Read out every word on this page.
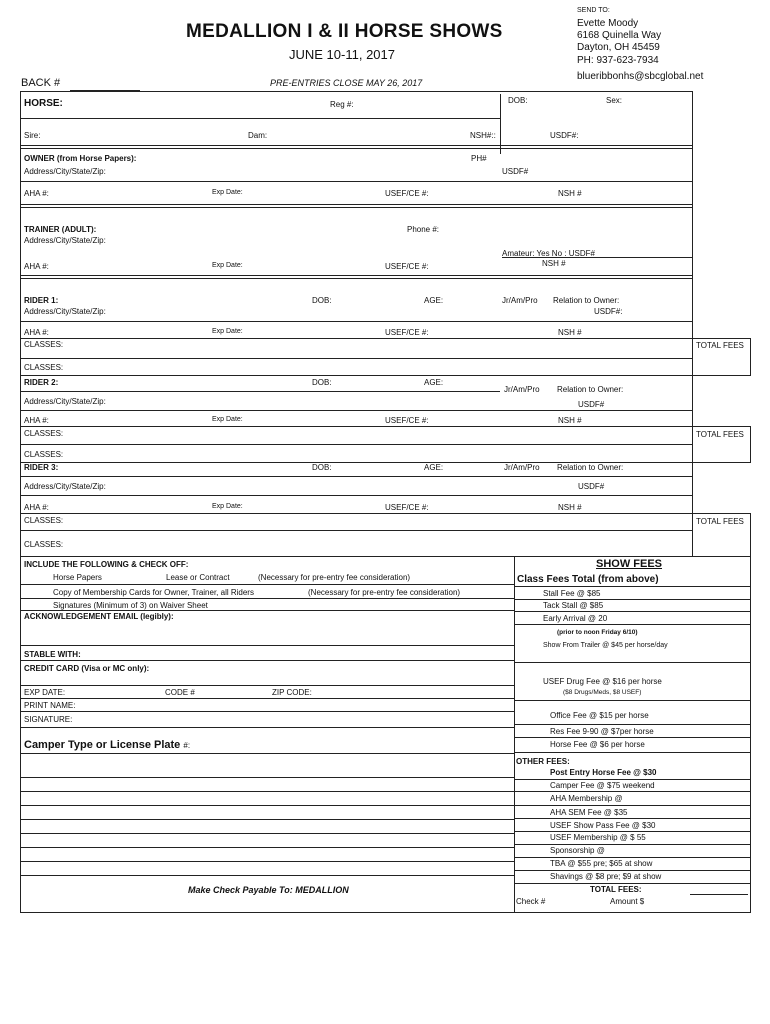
MEDALLION I & II HORSE SHOWS
JUNE 10-11, 2017
BACK #	PRE-ENTRIES CLOSE MAY 26, 2017
SEND TO:
Evette Moody
6168 Quinella Way
Dayton, OH 45459
PH: 937-623-7934
blueribbonhs@sbcglobal.net
HORSE:	Reg #:	DOB:	Sex:
Sire:	Dam:	NSH#::	USDF#:
OWNER (from Horse Papers):	PH#
Address/City/State/Zip:	USDF#
AHA #:	Exp Date:	USEF/CE #:	NSH #
TRAINER (ADULT):	Phone #:
Address/City/State/Zip:
Amateur: Yes No : USDF#
NSH #
AHA #:	Exp Date:	USEF/CE #:
RIDER 1:	DOB:	AGE:	Jr/Am/Pro Relation to Owner:
Address/City/State/Zip:	USDF#:
AHA #:	Exp Date:	USEF/CE #:	NSH #
CLASSES:	TOTAL FEES
CLASSES:
RIDER 2:	DOB:	AGE:
Jr/Am/Pro Relation to Owner:
Address/City/State/Zip:	USDF#
AHA #:	Exp Date:	USEF/CE #:	NSH #
CLASSES:	TOTAL FEES
CLASSES:
RIDER 3:	DOB:	AGE:	Jr/Am/Pro Relation to Owner:
Address/City/State/Zip:	USDF#
AHA #:	Exp Date:	USEF/CE #:	NSH #
CLASSES:	TOTAL FEES
CLASSES:
INCLUDE THE FOLLOWING & CHECK OFF:
Horse Papers	Lease or Contract	(Necessary for pre-entry fee consideration)
Copy of Membership Cards for Owner, Trainer, all Riders	(Necessary for pre-entry fee consideration)
Signatures (Minimum of 3) on Waiver Sheet
ACKNOWLEDGEMENT EMAIL (legibly):
STABLE WITH:
CREDIT CARD (Visa or MC only):
EXP DATE:	CODE #	ZIP CODE:
PRINT NAME:
SIGNATURE:
Camper Type or License Plate #:
Make Check Payable To: MEDALLION
SHOW FEES
Class Fees Total (from above)
Stall Fee @ $85
Tack Stall @ $85
Early Arrival @ 20
(prior to noon Friday 6/10)
Show From Trailer @ $45 per horse/day
USEF Drug Fee @ $16 per horse
($8 Drugs/Meds, $8 USEF)
Office Fee @ $15 per horse
Res Fee 9-90 @ $7per horse
Horse Fee @ $6 per horse
OTHER FEES:
Post Entry Horse Fee @ $30
Camper Fee @ $75 weekend
AHA Membership @
AHA SEM Fee @ $35
USEF Show Pass Fee @ $30
USEF Membership @ $ 55
Sponsorship @
TBA @ $55 pre; $65 at show
Shavings @ $8 pre; $9 at show
TOTAL FEES:
Check #	Amount $
